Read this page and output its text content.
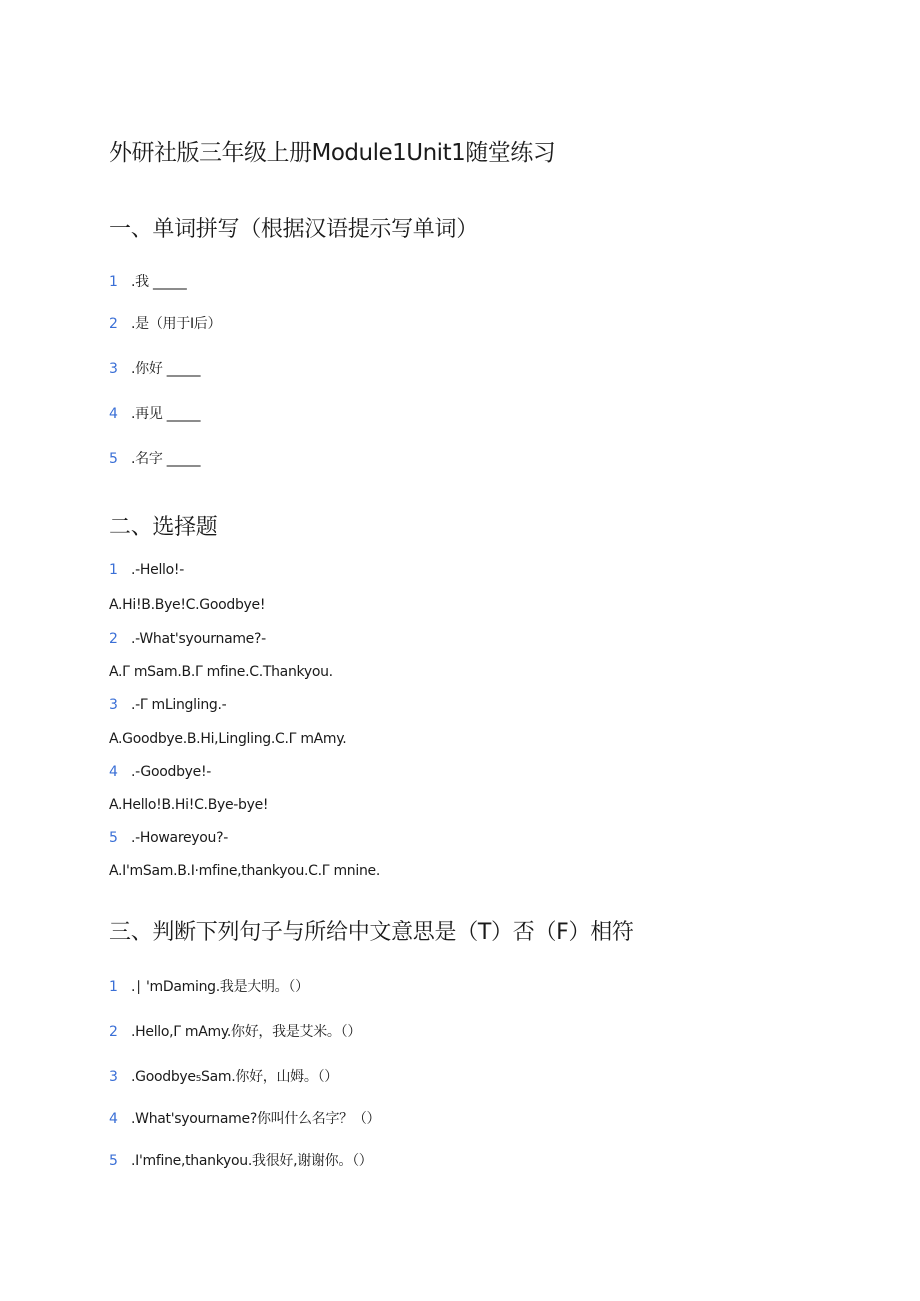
外研社版三年级上册Module1Unit1随堂练习
一、单词拼写（根据汉语提示写单词）
1 .我 _____
2 .是（用于I后）
3 .你好 _____
4 .再见 _____
5 .名字 _____
二、选择题
1 .-Hello!-
A.Hi!B.Bye!C.Goodbye!
2 .-What'syourname?-
A.Γ mSam.B.Γ mfine.C.Thankyou.
3 .-Γ mLingling.-
A.Goodbye.B.Hi,Lingling.C.Γ mAmy.
4 .-Goodbye!-
A.Hello!B.Hi!C.Bye-bye!
5 .-Howareyou?-
A.I'mSam.B.I·mfine,thankyou.C.Γ mnine.
三、判断下列句子与所给中文意思是（T）否（F）相符
1 .∣ 'mDaming.我是大明。（）
2 .Hello,Γ mAmy.你好，我是艾米。（）
3 .Goodbye₅Sam.你好，山姆。（）
4 .What'syourname?你叫什么名字？（）
5 .I'mfine,thankyou.我很好,谢谢你。（）
